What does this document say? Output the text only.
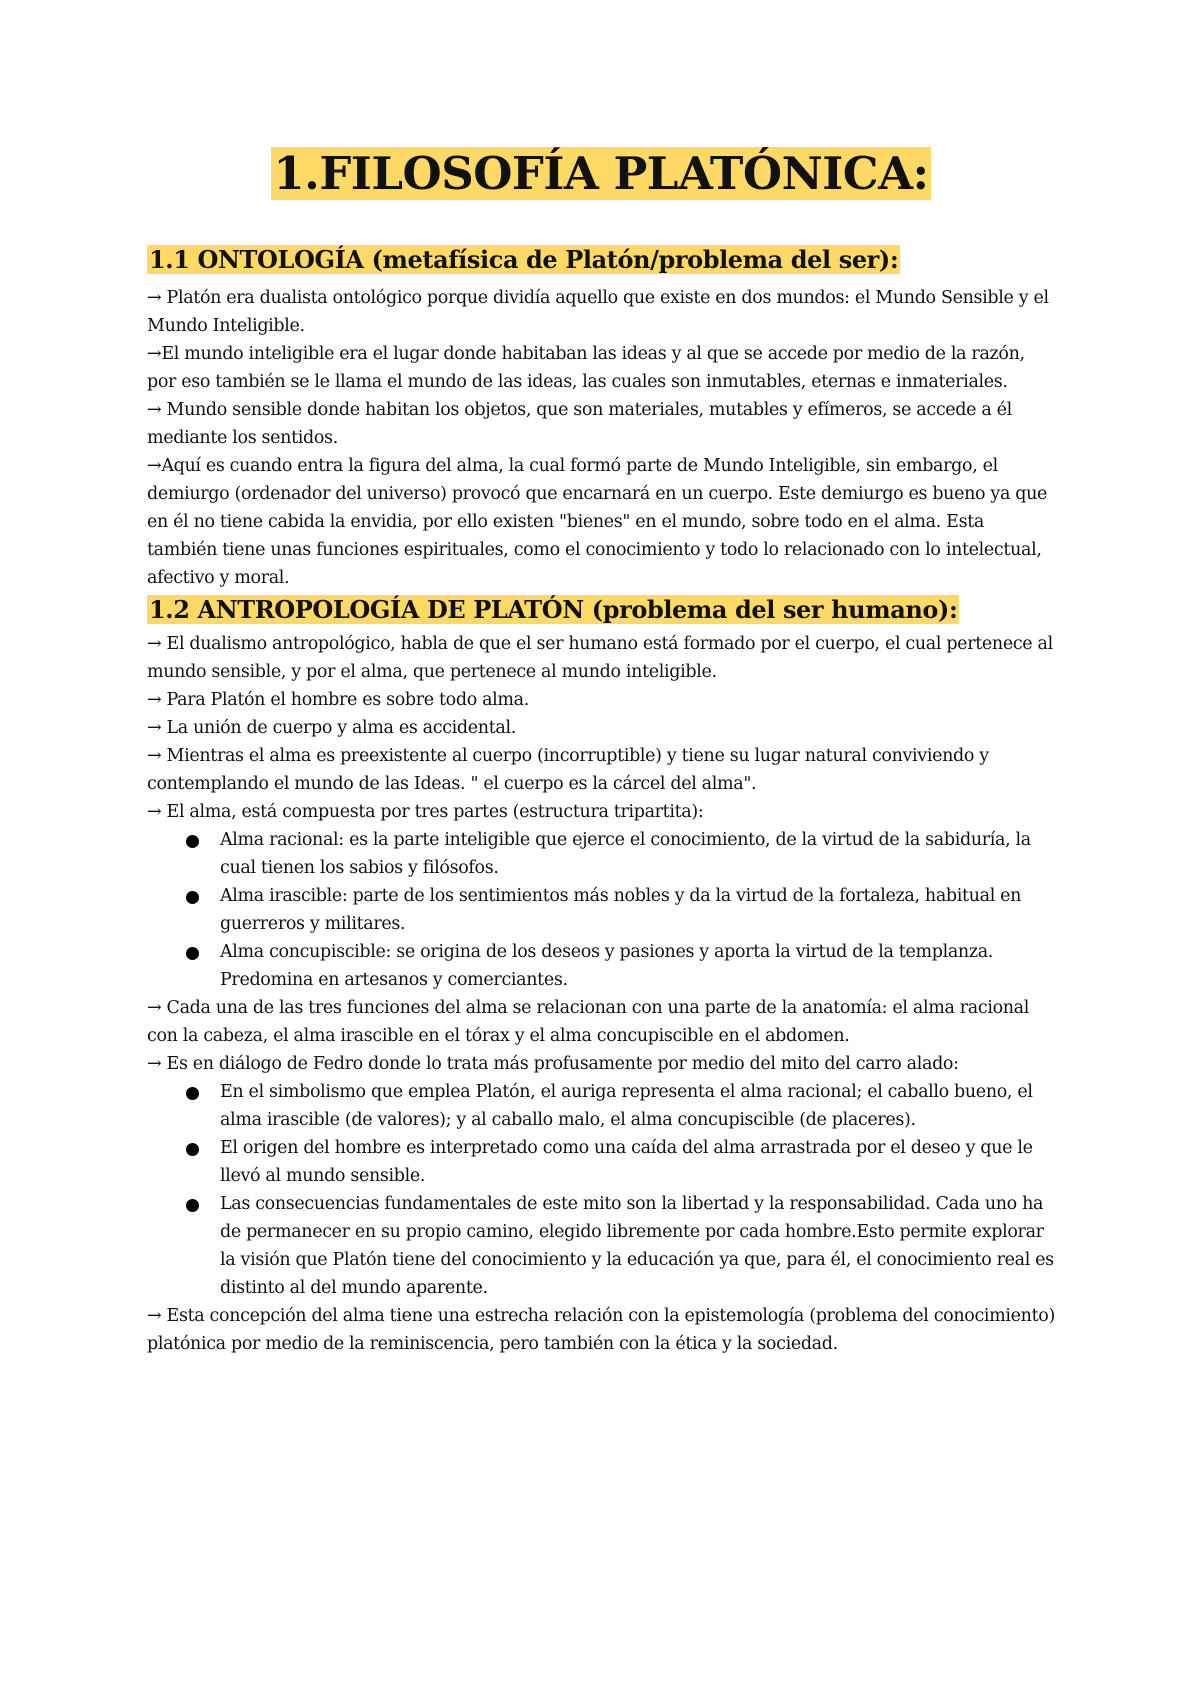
1.FILOSOFÍA PLATÓNICA:
1.1 ONTOLOGÍA (metafísica de Platón/problema del ser):

→ Platón era dualista ontológico porque dividía aquello que existe en dos mundos: el Mundo Sensible y el Mundo Inteligible.

→El mundo inteligible era el lugar donde habitaban las ideas y al que se accede por medio de la razón, por eso también se le llama el mundo de las ideas, las cuales son inmutables, eternas e inmateriales.

→ Mundo sensible donde habitan los objetos, que son materiales, mutables y efímeros, se accede a él mediante los sentidos.

→Aquí es cuando entra la figura del alma, la cual formó parte de Mundo Inteligible, sin embargo, el demiurgo (ordenador del universo) provocó que encarnará en un cuerpo. Este demiurgo es bueno ya que en él no tiene cabida la envidia, por ello existen "bienes" en el mundo, sobre todo en el alma. Esta también tiene unas funciones espirituales, como el conocimiento y todo lo relacionado con lo intelectual, afectivo y moral.

1.2 ANTROPOLOGÍA DE PLATÓN (problema del ser humano):

→ El dualismo antropológico, habla de que el ser humano está formado por el cuerpo, el cual pertenece al mundo sensible, y por el alma, que pertenece al mundo inteligible.

→ Para Platón el hombre es sobre todo alma.

→ La unión de cuerpo y alma es accidental.

→ Mientras el alma es preexistente al cuerpo (incorruptible) y tiene su lugar natural conviviendo y contemplando el mundo de las Ideas. " el cuerpo es la cárcel del alma".

→ El alma, está compuesta por tres partes (estructura tripartita):

Alma racional: es la parte inteligible que ejerce el conocimiento, de la virtud de la sabiduría, la cual tienen los sabios y filósofos.
Alma irascible: parte de los sentimientos más nobles y da la virtud de la fortaleza, habitual en guerreros y militares.
Alma concupiscible: se origina de los deseos y pasiones y aporta la virtud de la templanza. Predomina en artesanos y comerciantes.

→ Cada una de las tres funciones del alma se relacionan con una parte de la anatomía: el alma racional con la cabeza, el alma irascible en el tórax y el alma concupiscible en el abdomen.

→ Es en diálogo de Fedro donde lo trata más profusamente por medio del mito del carro alado:

En el simbolismo que emplea Platón, el auriga representa el alma racional; el caballo bueno, el alma irascible (de valores); y al caballo malo, el alma concupiscible (de placeres).
El origen del hombre es interpretado como una caída del alma arrastrada por el deseo y que le llevó al mundo sensible.
Las consecuencias fundamentales de este mito son la libertad y la responsabilidad. Cada uno ha de permanecer en su propio camino, elegido libremente por cada hombre.Esto permite explorar la visión que Platón tiene del conocimiento y la educación ya que, para él, el conocimiento real es distinto al del mundo aparente.

→ Esta concepción del alma tiene una estrecha relación con la epistemología (problema del conocimiento) platónica por medio de la reminiscencia, pero también con la ética y la sociedad.
